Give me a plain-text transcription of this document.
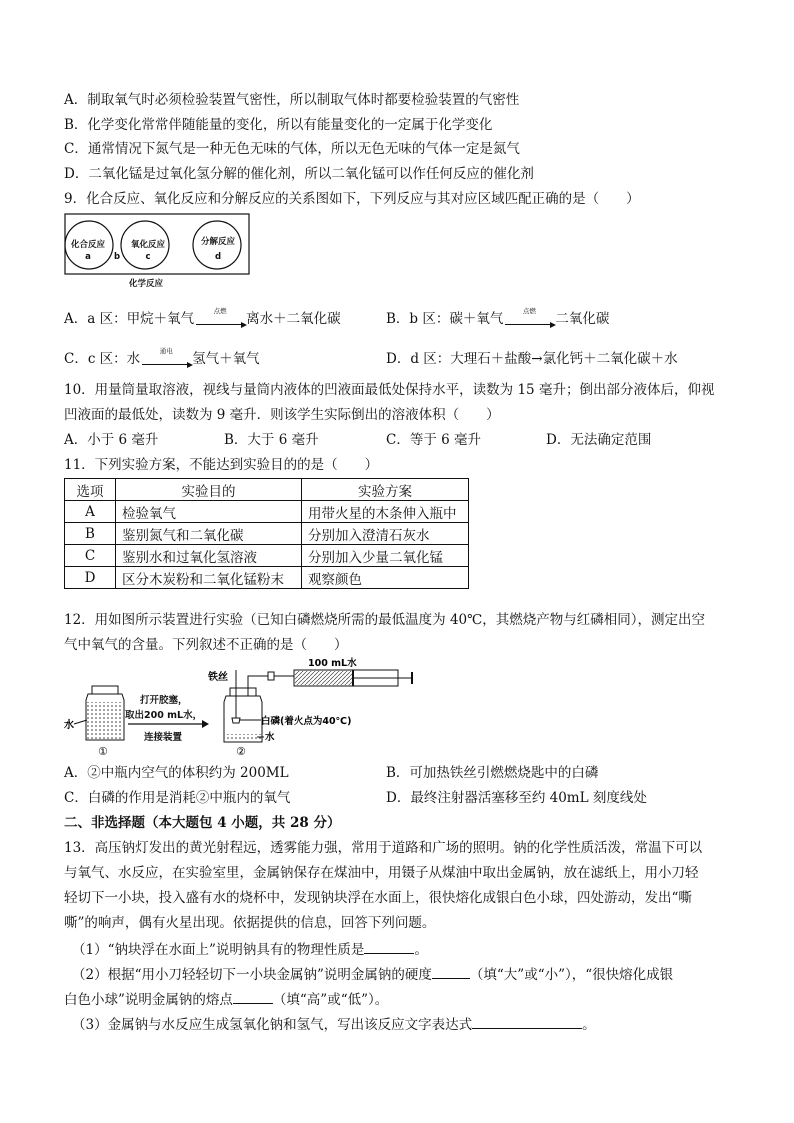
A．制取氧气时必须检验装置气密性，所以制取气体时都要检验装置的气密性
B．化学变化常常伴随能量的变化，所以有能量变化的一定属于化学变化
C．通常情况下氮气是一种无色无味的气体，所以无色无味的气体一定是氮气
D．二氧化锰是过氧化氢分解的催化剂，所以二氧化锰可以作任何反应的催化剂
9．化合反应、氧化反应和分解反应的关系图如下，下列反应与其对应区域匹配正确的是（　　）
化合反应
a	b
氧化反应
c
分解反应
d
化学反应
A．a 区：甲烷＋氧气
点燃
离水＋二氧化碳	B．b 区：碳＋氧气
点燃
二氧化碳
C．c 区：水
通电
氢气＋氧气	D．d 区：大理石＋盐酸→氯化钙＋二氧化碳＋水
10．用量筒量取溶液，视线与量筒内液体的凹液面最低处保持水平，读数为 15 毫升；倒出部分液体后，仰视
凹液面的最低处，读数为 9 毫升．则该学生实际倒出的溶液体积（　　）
A．小于 6 毫升	B．大于 6 毫升	C．等于 6 毫升	D．无法确定范围
11．下列实验方案，不能达到实验目的的是（　　）
选项	实验目的	实验方案
A	检验氧气	用带火星的木条伸入瓶中
B	鉴别氮气和二氧化碳	分别加入澄清石灰水
C	鉴别水和过氧化氢溶液	分别加入少量二氧化锰
D	区分木炭粉和二氧化锰粉末	观察颜色
12．用如图所示装置进行实验（已知白磷燃烧所需的最低温度为 40℃，其燃烧产物与红磷相同），测定出空
气中氧气的含量。下列叙述不正确的是（　　）
水
①
打开胶塞，
取出200 mL水，
连接装置
铁丝
②
白磷(着火点为40℃)
水
100 mL水
A．②中瓶内空气的体积约为 200ML	B．可加热铁丝引燃燃烧匙中的白磷
C．白磷的作用是消耗②中瓶内的氧气	D．最终注射器活塞移至约 40mL 刻度线处
二、非选择题（本大题包 4 小题，共 28 分）
13．高压钠灯发出的黄光射程远，透雾能力强，常用于道路和广场的照明。钠的化学性质活泼，常温下可以
与氧气、水反应，在实验室里，金属钠保存在煤油中，用镊子从煤油中取出金属钠，放在滤纸上，用小刀轻
轻切下一小块，投入盛有水的烧杯中，发现钠块浮在水面上，很快熔化成银白色小球，四处游动，发出“嘶
嘶”的响声，偶有火星出现。依据提供的信息，回答下列问题。
（1）“钠块浮在水面上”说明钠具有的物理性质是	。
（2）根据“用小刀轻轻切下一小块金属钠”说明金属钠的硬度	（填“大”或“小”），“很快熔化成银
白色小球”说明金属钠的熔点	（填“高”或“低”）。
（3）金属钠与水反应生成氢氧化钠和氢气，写出该反应文字表达式	。
